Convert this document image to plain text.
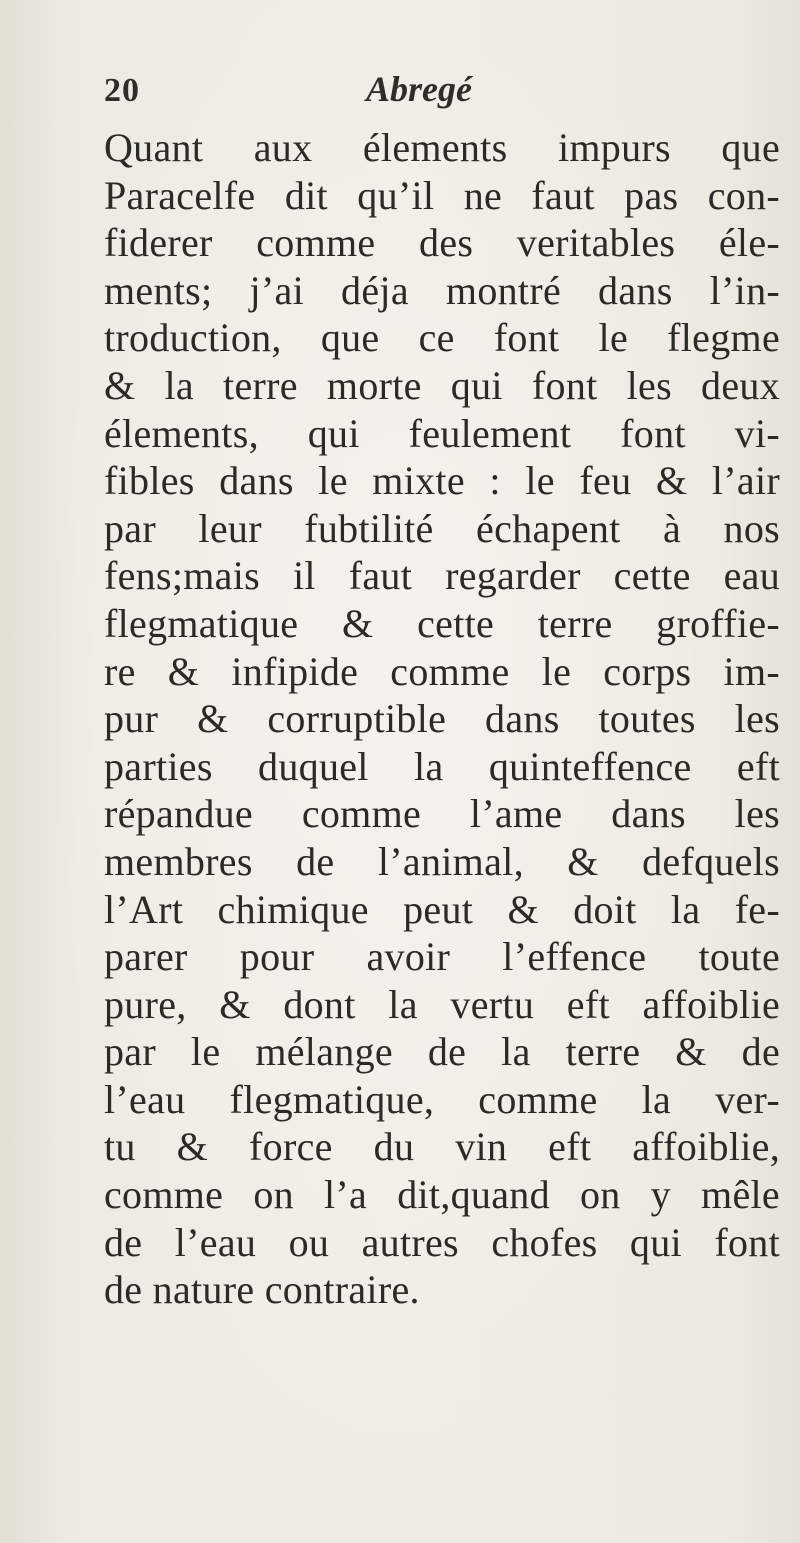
20	Abregé
Quant aux élements impurs que
Paracelfe dit qu’il ne faut pas con-
fiderer comme des veritables éle-
ments; j’ai déja montré dans l’in-
troduction, que ce font le flegme
& la terre morte qui font les deux
élements, qui feulement font vi-
fibles dans le mixte : le feu & l’air
par leur fubtilité échapent à nos
fens;mais il faut regarder cette eau
flegmatique & cette terre groffie-
re & infipide comme le corps im-
pur & corruptible dans toutes les
parties duquel la quinteffence eft
répandue comme l’ame dans les
membres de l’animal, & defquels
l’Art chimique peut & doit la fe-
parer pour avoir l’effence toute
pure, & dont la vertu eft affoiblie
par le mélange de la terre & de
l’eau flegmatique, comme la ver-
tu & force du vin eft affoiblie,
comme on l’a dit,quand on y mêle
de l’eau ou autres chofes qui font
de nature contraire.
